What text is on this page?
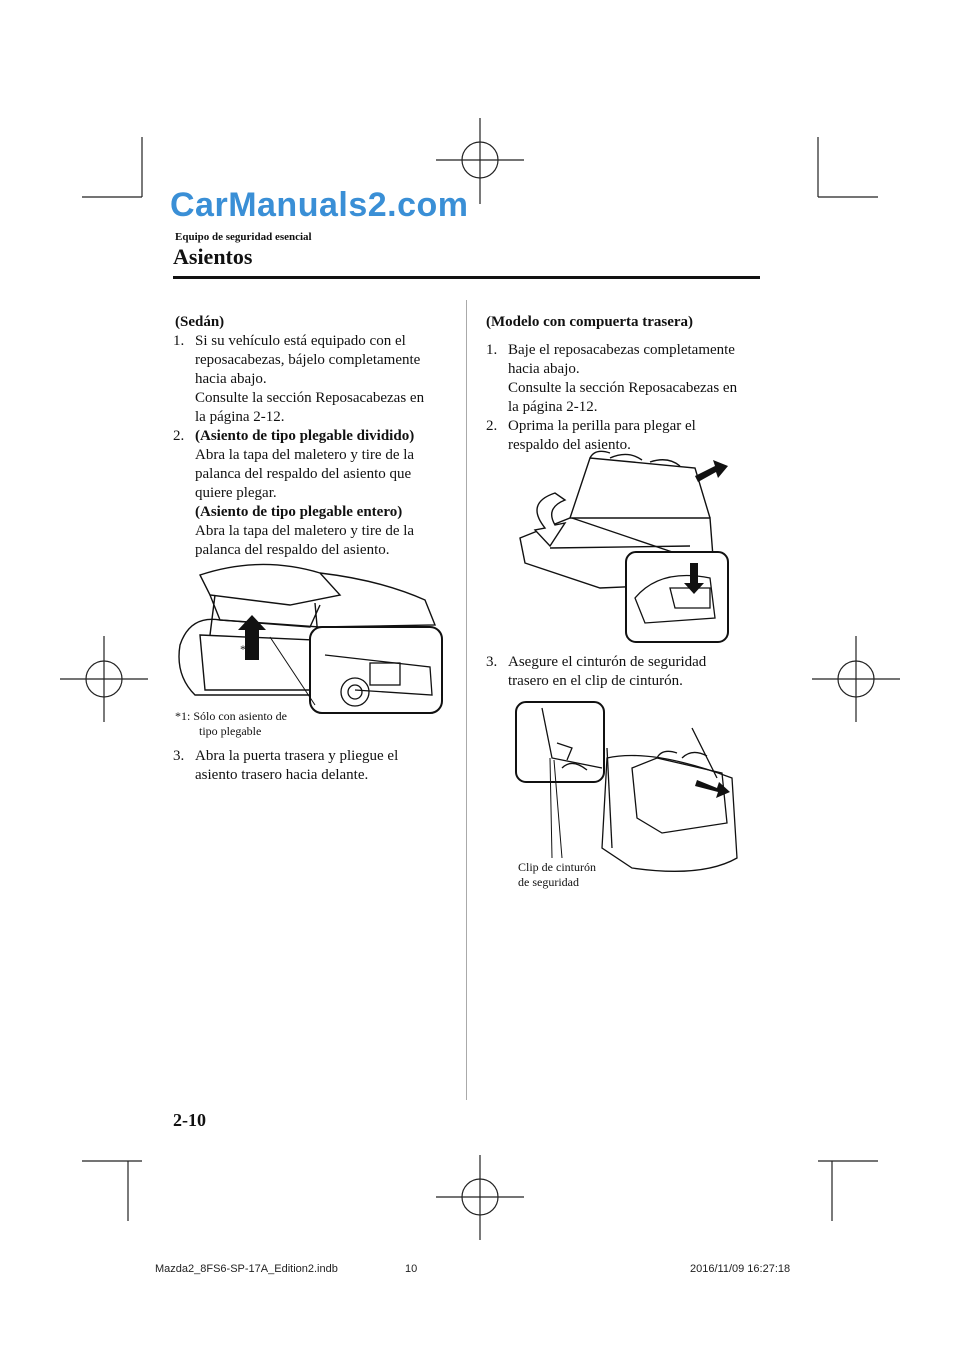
CarManuals2.com
Equipo de seguridad esencial
Asientos
(Sedán)
1. Si su vehículo está equipado con el
reposacabezas, bájelo completamente
hacia abajo.
Consulte la sección Reposacabezas en
la página 2-12.
2. (Asiento de tipo plegable dividido)
Abra la tapa del maletero y tire de la
palanca del respaldo del asiento que
quiere plegar.
(Asiento de tipo plegable entero)
Abra la tapa del maletero y tire de la
palanca del respaldo del asiento.
*1
*1: Sólo con asiento de
tipo plegable
3. Abra la puerta trasera y pliegue el
asiento trasero hacia delante.
(Modelo con compuerta trasera)
1. Baje el reposacabezas completamente
hacia abajo.
Consulte la sección Reposacabezas en
la página 2-12.
2. Oprima la perilla para plegar el
respaldo del asiento.
3. Asegure el cinturón de seguridad
trasero en el clip de cinturón.
Clip de cinturón
de seguridad
2-10
Mazda2_8FS6-SP-17A_Edition2.indb	10	2016/11/09 16:27:18
